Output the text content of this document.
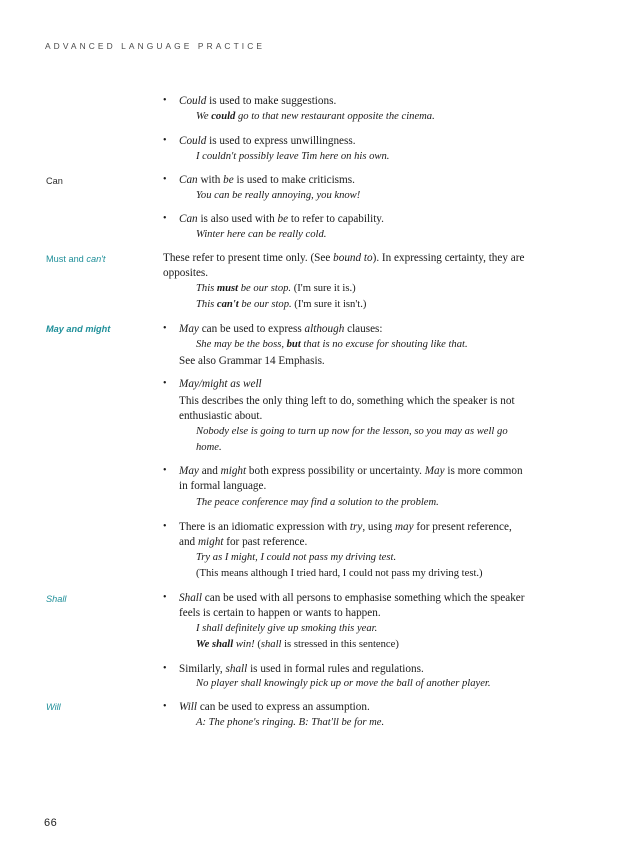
ADVANCED LANGUAGE PRACTICE
Can
Must and can't
May and might
Shall
Will
• Could is used to make suggestions.
We could go to that new restaurant opposite the cinema.
• Could is used to express unwillingness.
I couldn't possibly leave Tim here on his own.
• Can with be is used to make criticisms.
You can be really annoying, you know!
• Can is also used with be to refer to capability.
Winter here can be really cold.
These refer to present time only. (See bound to). In expressing certainty, they are
opposites.
This must be our stop. (I'm sure it is.)
This can't be our stop. (I'm sure it isn't.)
• May can be used to express although clauses:
She may be the boss, but that is no excuse for shouting like that.
See also Grammar 14 Emphasis.
• May/might as well
This describes the only thing left to do, something which the speaker is not
enthusiastic about.
Nobody else is going to turn up now for the lesson, so you may as well go
home.
• May and might both express possibility or uncertainty. May is more common
in formal language.
The peace conference may find a solution to the problem.
• There is an idiomatic expression with try, using may for present reference,
and might for past reference.
Try as I might, I could not pass my driving test.
(This means although I tried hard, I could not pass my driving test.)
• Shall can be used with all persons to emphasise something which the speaker
feels is certain to happen or wants to happen.
I shall definitely give up smoking this year.
We shall win! (shall is stressed in this sentence)
• Similarly, shall is used in formal rules and regulations.
No player shall knowingly pick up or move the ball of another player.
• Will can be used to express an assumption.
A: The phone's ringing. B: That'll be for me.
66
